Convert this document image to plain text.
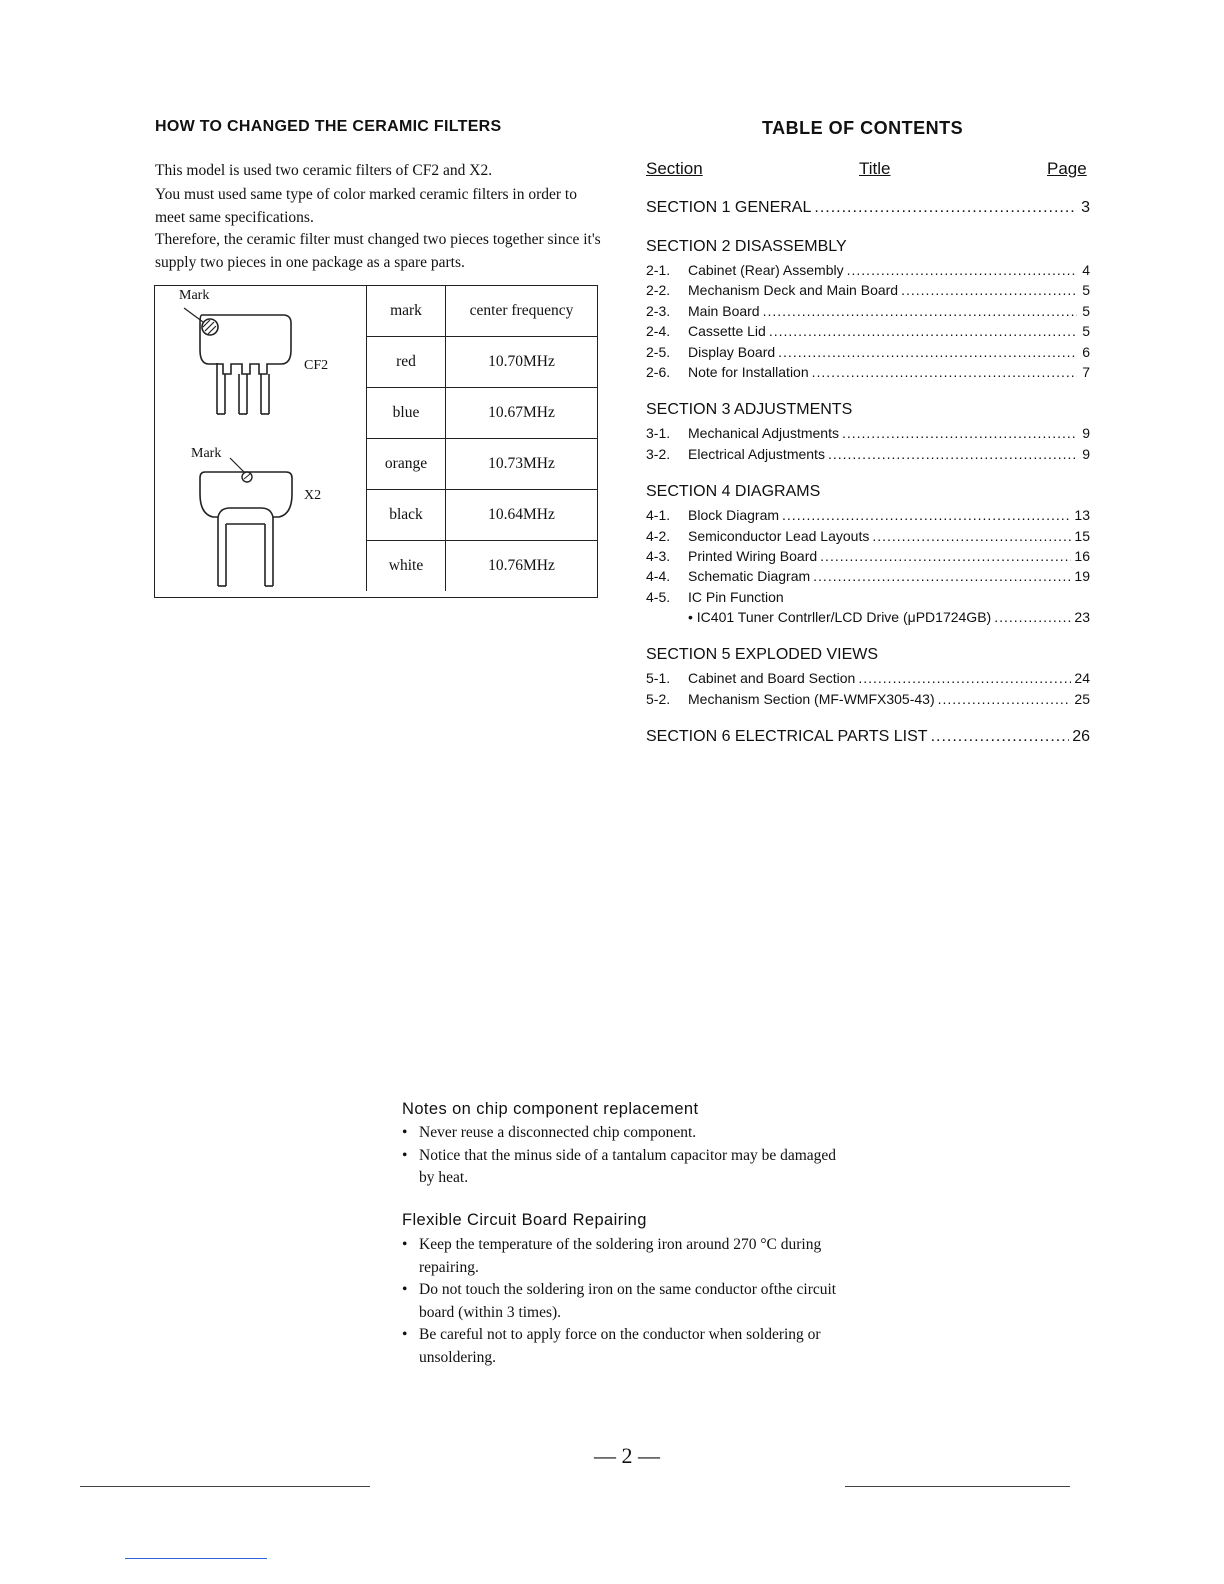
HOW TO CHANGED THE CERAMIC FILTERS
This model is used two ceramic filters of CF2 and X2.
You must used same type of color marked ceramic filters in order to meet same specifications.
Therefore, the ceramic filter must changed two pieces together since it's supply two pieces in one package as a spare parts.
Mark
CF2
Mark
X2
mark	center frequency
red	10.70MHz
blue	10.67MHz
orange	10.73MHz
black	10.64MHz
white	10.76MHz
TABLE OF CONTENTS
Section	Title	Page
SECTION 1 GENERAL .....	3
SECTION 2 DISASSEMBLY
2-1.	Cabinet (Rear) Assembly .....	4
2-2.	Mechanism Deck and Main Board .....	5
2-3.	Main Board .....	5
2-4.	Cassette Lid .....	5
2-5.	Display Board .....	6
2-6.	Note for Installation .....	7
SECTION 3 ADJUSTMENTS
3-1.	Mechanical Adjustments .....	9
3-2.	Electrical Adjustments .....	9
SECTION 4 DIAGRAMS
4-1.	Block Diagram .....	13
4-2.	Semiconductor Lead Layouts .....	15
4-3.	Printed Wiring Board .....	16
4-4.	Schematic Diagram .....	19
4-5.	IC Pin Function
• IC401 Tuner Contrller/LCD Drive (μPD1724GB) .....	23
SECTION 5 EXPLODED VIEWS
5-1.	Cabinet and Board Section .....	24
5-2.	Mechanism Section (MF-WMFX305-43) .....	25
SECTION 6 ELECTRICAL PARTS LIST .....	26
Notes on chip component replacement
• Never reuse a disconnected chip component.
• Notice that the minus side of a tantalum capacitor may be damaged by heat.
Flexible Circuit Board Repairing
• Keep the temperature of the soldering iron around 270 °C during repairing.
• Do not touch the soldering iron on the same conductor ofthe circuit board (within 3 times).
• Be careful not to apply force on the conductor when soldering or unsoldering.
— 2 —
